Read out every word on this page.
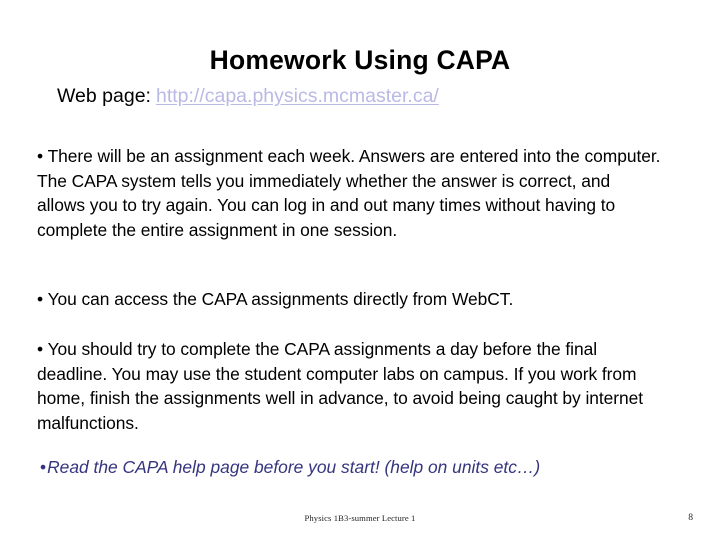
Homework Using CAPA
Web page: http://capa.physics.mcmaster.ca/

• There will be an assignment each week. Answers are entered into the computer. The CAPA system tells you immediately whether the answer is correct, and allows you to try again. You can log in and out many times without having to complete the entire assignment in one session.

• You can access the CAPA assignments directly from WebCT.

• You should try to complete the CAPA assignments a day before the final deadline. You may use the student computer labs on campus. If you work from home, finish the assignments well in advance, to avoid being caught by internet malfunctions.

•Read the CAPA help page before you start! (help on units etc…)

Physics 1B3-summer Lecture 1	8
